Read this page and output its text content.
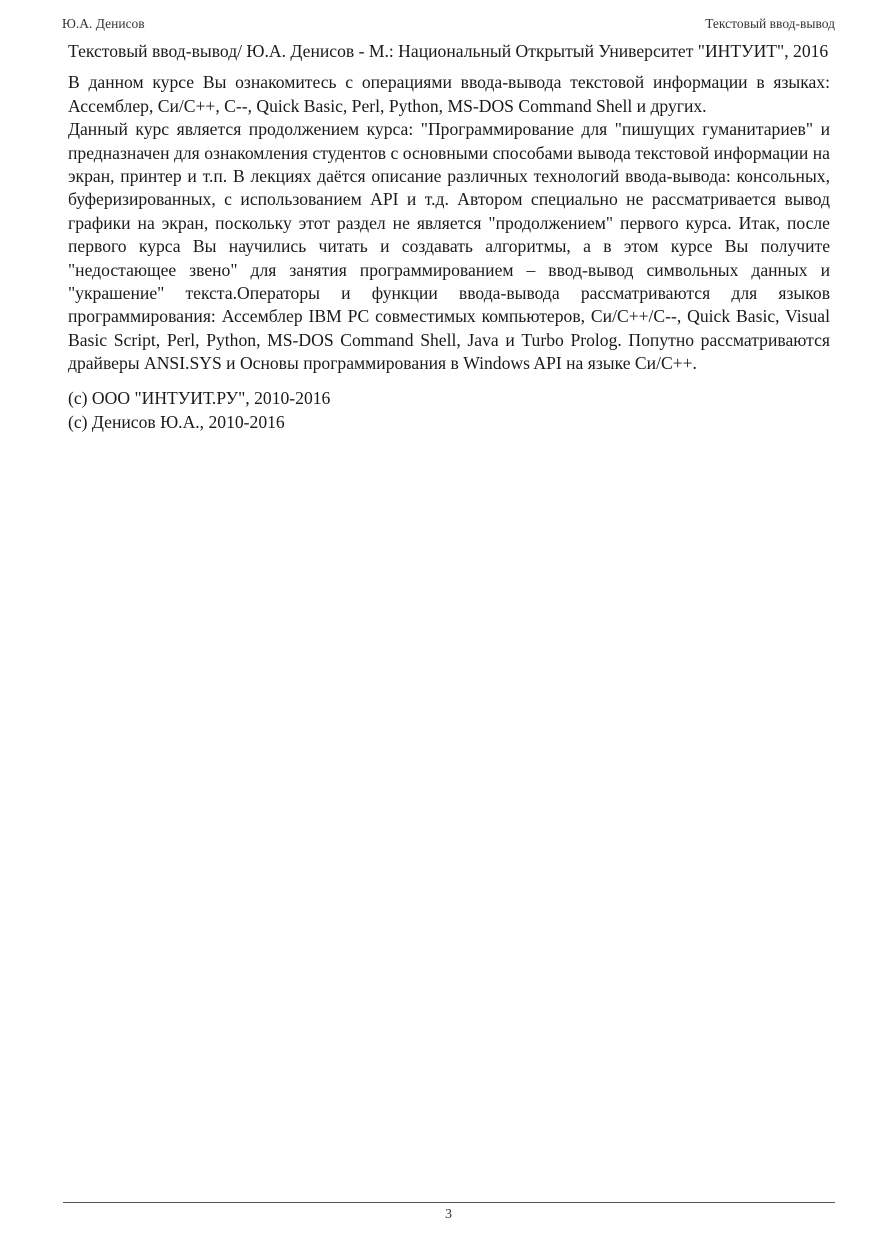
Ю.А. Денисов	Текстовый ввод-вывод

Текстовый ввод-вывод/ Ю.А. Денисов - М.: Национальный Открытый Университет "ИНТУИТ", 2016

В данном курсе Вы ознакомитесь с операциями ввода-вывода текстовой информации в языках: Ассемблер, Си/С++, С--, Quick Basic, Perl, Python, MS-DOS Command Shell и других.

Данный курс является продолжением курса: "Программирование для "пишущих гуманитариев" и предназначен для ознакомления студентов с основными способами вывода текстовой информации на экран, принтер и т.п. В лекциях даётся описание различных технологий ввода-вывода: консольных, буферизированных, с использованием API и т.д. Автором специально не рассматривается вывод графики на экран, поскольку этот раздел не является "продолжением" первого курса. Итак, после первого курса Вы научились читать и создавать алгоритмы, а в этом курсе Вы получите "недостающее звено" для занятия программированием – ввод-вывод символьных данных и "украшение" текста.Операторы и функции ввода-вывода рассматриваются для языков программирования: Ассемблер IBM PC совместимых компьютеров, Си/С++/С--, Quick Basic, Visual Basic Script, Perl, Python, MS-DOS Command Shell, Java и Turbo Prolog. Попутно рассматриваются драйверы ANSI.SYS и Основы программирования в Windows API на языке Си/С++.

(c) ООО "ИНТУИТ.РУ", 2010-2016

(c) Денисов Ю.А., 2010-2016

3
